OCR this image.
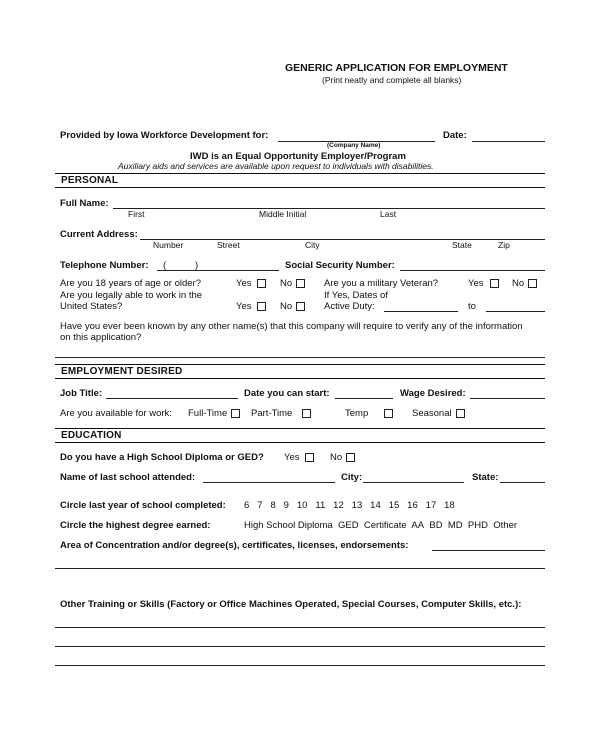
GENERIC APPLICATION FOR EMPLOYMENT
(Print neatly and complete all blanks)
Provided by Iowa Workforce Development for:
(Company Name)
Date:
IWD is an Equal Opportunity Employer/Program
Auxiliary aids and services are available upon request to individuals with disabilities.
PERSONAL
Full Name:
First	Middle Initial	Last
Current Address:
Number	Street	City	State	Zip
Telephone Number: (	)	Social Security Number:
Are you 18 years of age or older?	Yes	No	Are you a military Veteran?	Yes	No
Are you legally able to work in the
United States?	Yes	No
If Yes, Dates of
Active Duty:	to
Have you ever been known by any other name(s) that this company will require to verify any of the information
on this application?
EMPLOYMENT DESIRED
Job Title:	Date you can start:	Wage Desired:
Are you available for work: Full-Time	Part-Time	Temp	Seasonal
EDUCATION
Do you have a High School Diploma or GED? Yes	No
Name of last school attended:	City:	State:
Circle last year of school completed: 6 7 8 9 10 11 12 13 14 15 16 17 18
Circle the highest degree earned:	High School Diploma GED Certificate AA BD MD PHD Other
Area of Concentration and/or degree(s), certificates, licenses, endorsements:
Other Training or Skills (Factory or Office Machines Operated, Special Courses, Computer Skills, etc.):
